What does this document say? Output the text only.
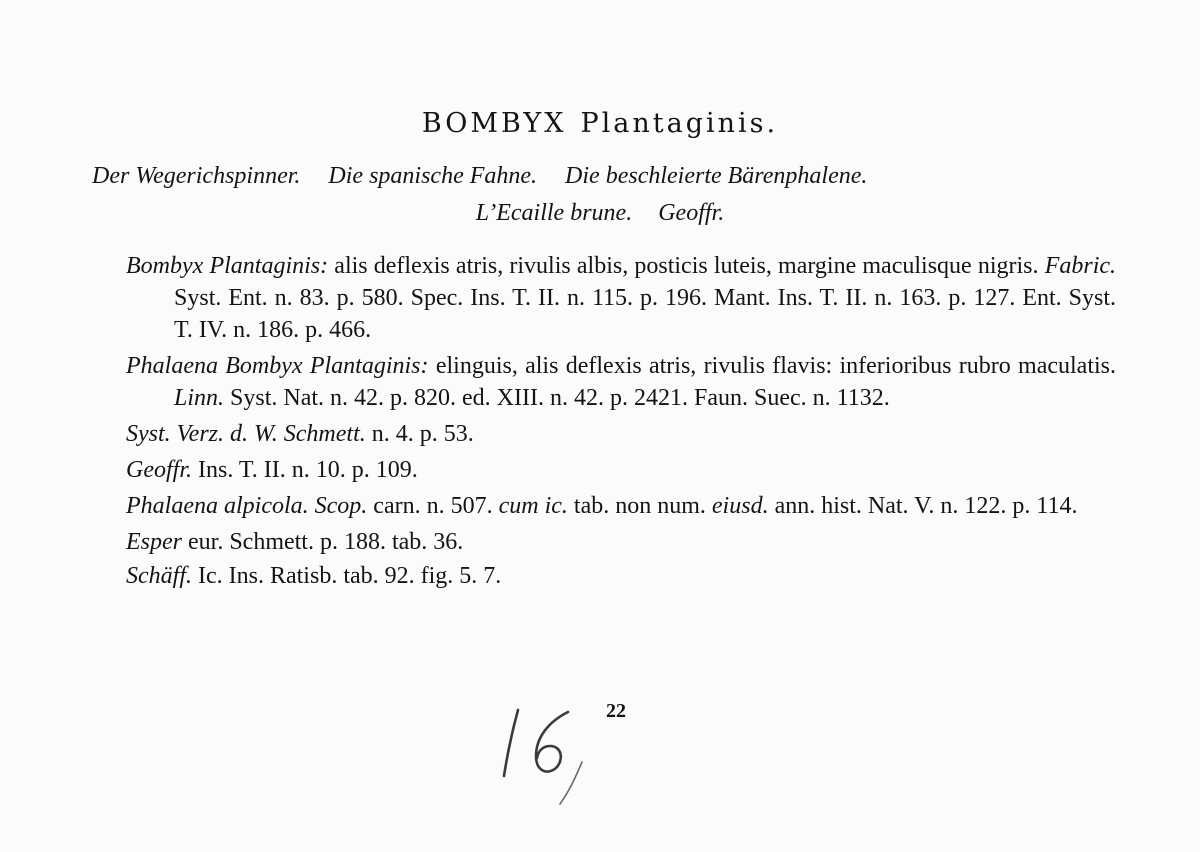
BOMBYX Plantaginis.
Der Wegerichspinner. Die spanische Fahne. Die beschleierte Bärenphalene.
L’Ecaille brune. Geoffr.
Bombyx Plantaginis: alis deflexis atris, rivulis albis, posticis luteis, margine maculisque nigris. Fabric. Syst. Ent. n. 83. p. 580. Spec. Ins. T. II. n. 115. p. 196. Mant. Ins. T. II. n. 163. p. 127. Ent. Syst. T. IV. n. 186. p. 466.
Phalaena Bombyx Plantaginis: elinguis, alis deflexis atris, rivulis flavis: inferioribus rubro maculatis. Linn. Syst. Nat. n. 42. p. 820. ed. XIII. n. 42. p. 2421. Faun. Suec. n. 1132.
Syst. Verz. d. W. Schmett. n. 4. p. 53.
Geoffr. Ins. T. II. n. 10. p. 109.
Phalaena alpicola. Scop. carn. n. 507. cum ic. tab. non num. eiusd. ann. hist. Nat. V. n. 122. p. 114.
Esper eur. Schmett. p. 188. tab. 36.
Schäff. Ic. Ins. Ratisb. tab. 92. fig. 5. 7.
22
